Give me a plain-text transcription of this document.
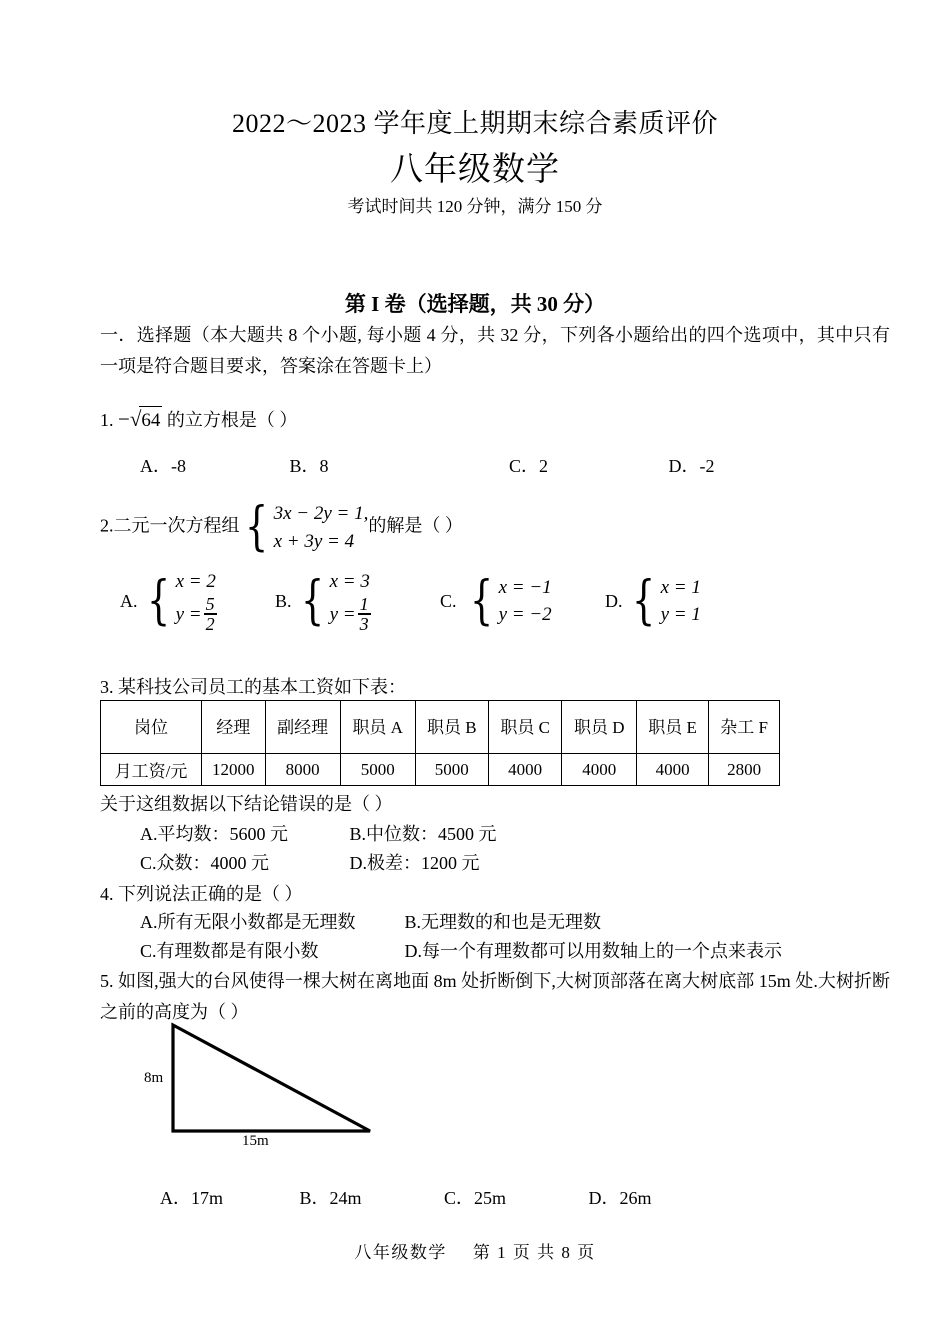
2022～2023 学年度上期期末综合素质评价
八年级数学
考试时间共 120 分钟，满分 150 分
第 I 卷（选择题，共 30 分）
一．选择题（本大题共 8 个小题, 每小题 4 分，共 32 分，下列各小题给出的四个选项中，其中只有一项是符合题目要求，答案涂在答题卡上）
1. −√64 的立方根是（ ）
A．-8	B．8	C．2	D．-2
2.二元一次方程组 { 3x − 2y = 1,
x + 3y = 4
的解是（ ）
A. { x = 2
$y = \frac{5}{2}$	B. { x = 3
$y = \frac{1}{3}$	C. { x = −1
y = −2
D. { x = 1
y = 1
3. 某科技公司员工的基本工资如下表：
岗位	经理	副经理	职员 A	职员 B	职员 C	职员 D	职员 E	杂工 F
月工资/元	12000	8000	5000	5000	4000	4000	4000	2800
关于这组数据以下结论错误的是（ ）
A.平均数：5600 元	B.中位数：4500 元
C.众数：4000 元	D.极差：1200 元
4. 下列说法正确的是（ ）
A.所有无限小数都是无理数	B.无理数的和也是无理数
C.有理数都是有限小数	D.每一个有理数都可以用数轴上的一个点来表示
5. 如图,强大的台风使得一棵大树在离地面 8m 处折断倒下,大树顶部落在离大树底部 15m 处.大树折断之前的高度为（ ）
8m
15m
A．17m	B．24m	C．25m	D．26m
八年级数学 第 1 页 共 8 页
